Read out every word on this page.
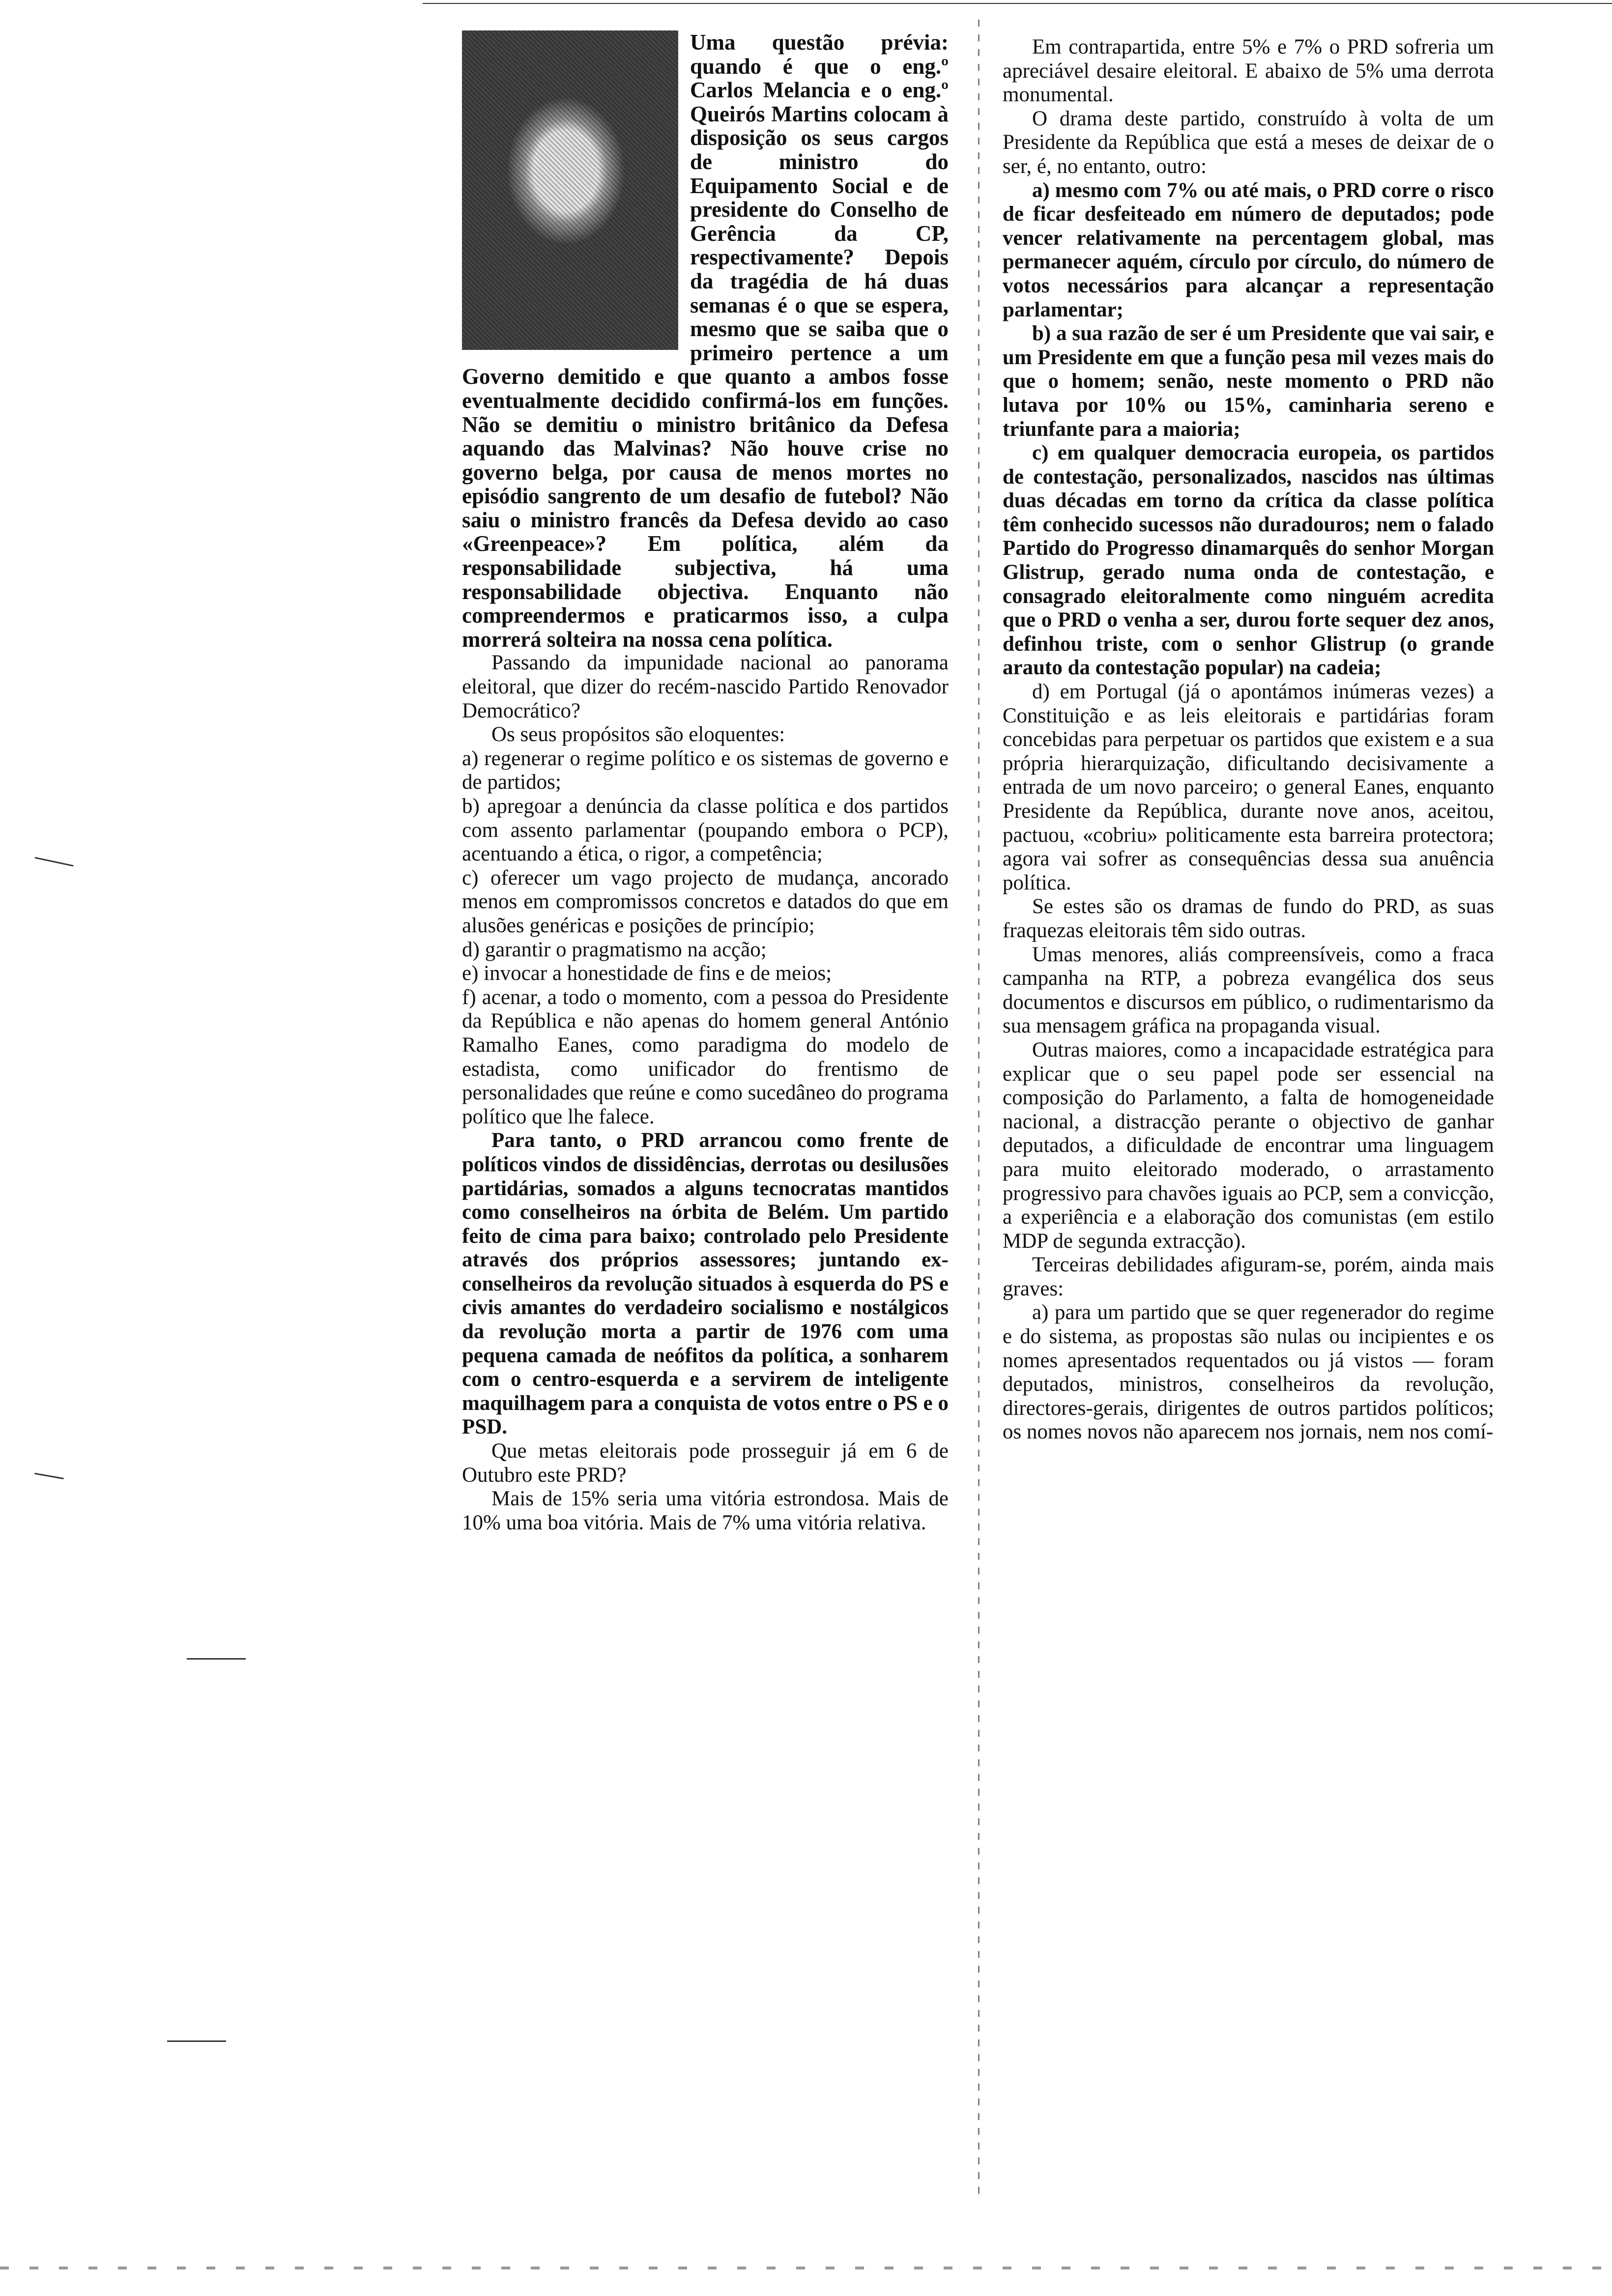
Uma questão prévia: quando é que o eng.º Carlos Melancia e o eng.º Queirós Martins colocam à disposição os seus cargos de ministro do Equipamento Social e de presidente do Conselho de Gerência da CP, respectivamente? Depois da tragédia de há duas semanas é o que se espera, mesmo que se saiba que o primeiro pertence a um Governo demitido e que quanto a ambos fosse eventualmente decidido confirmá-los em funções. Não se demitiu o ministro britânico da Defesa aquando das Malvinas? Não houve crise no governo belga, por causa de menos mortes no episódio sangrento de um desafio de futebol? Não saiu o ministro francês da Defesa devido ao caso «Greenpeace»? Em política, além da responsabilidade subjectiva, há uma responsabilidade objectiva. Enquanto não compreendermos e praticarmos isso, a culpa morrerá solteira na nossa cena política.

Passando da impunidade nacional ao panorama eleitoral, que dizer do recém-nascido Partido Renovador Democrático?

Os seus propósitos são eloquentes:

a) regenerar o regime político e os sistemas de governo e de partidos;

b) apregoar a denúncia da classe política e dos partidos com assento parlamentar (poupando embora o PCP), acentuando a ética, o rigor, a competência;

c) oferecer um vago projecto de mudança, ancorado menos em compromissos concretos e datados do que em alusões genéricas e posições de princípio;

d) garantir o pragmatismo na acção;

e) invocar a honestidade de fins e de meios;

f) acenar, a todo o momento, com a pessoa do Presidente da República e não apenas do homem general António Ramalho Eanes, como paradigma do modelo de estadista, como unificador do frentismo de personalidades que reúne e como sucedâneo do programa político que lhe falece.

Para tanto, o PRD arrancou como frente de políticos vindos de dissidências, derrotas ou desilusões partidárias, somados a alguns tecnocratas mantidos como conselheiros na órbita de Belém. Um partido feito de cima para baixo; controlado pelo Presidente através dos próprios assessores; juntando ex-conselheiros da revolução situados à esquerda do PS e civis amantes do verdadeiro socialismo e nostálgicos da revolução morta a partir de 1976 com uma pequena camada de neófitos da política, a sonharem com o centro-esquerda e a servirem de inteligente maquilhagem para a conquista de votos entre o PS e o PSD.

Que metas eleitorais pode prosseguir já em 6 de Outubro este PRD?

Mais de 15% seria uma vitória estrondosa. Mais de 10% uma boa vitória. Mais de 7% uma vitória relativa.

Em contrapartida, entre 5% e 7% o PRD sofreria um apreciável desaire eleitoral. E abaixo de 5% uma derrota monumental.

O drama deste partido, construído à volta de um Presidente da República que está a meses de deixar de o ser, é, no entanto, outro:

a) mesmo com 7% ou até mais, o PRD corre o risco de ficar desfeiteado em número de deputados; pode vencer relativamente na percentagem global, mas permanecer aquém, círculo por círculo, do número de votos necessários para alcançar a representação parlamentar;

b) a sua razão de ser é um Presidente que vai sair, e um Presidente em que a função pesa mil vezes mais do que o homem; senão, neste momento o PRD não lutava por 10% ou 15%, caminharia sereno e triunfante para a maioria;

c) em qualquer democracia europeia, os partidos de contestação, personalizados, nascidos nas últimas duas décadas em torno da crítica da classe política têm conhecido sucessos não duradouros; nem o falado Partido do Progresso dinamarquês do senhor Morgan Glistrup, gerado numa onda de contestação, e consagrado eleitoralmente como ninguém acredita que o PRD o venha a ser, durou forte sequer dez anos, definhou triste, com o senhor Glistrup (o grande arauto da contestação popular) na cadeia;

d) em Portugal (já o apontámos inúmeras vezes) a Constituição e as leis eleitorais e partidárias foram concebidas para perpetuar os partidos que existem e a sua própria hierarquização, dificultando decisivamente a entrada de um novo parceiro; o general Eanes, enquanto Presidente da República, durante nove anos, aceitou, pactuou, «cobriu» politicamente esta barreira protectora; agora vai sofrer as consequências dessa sua anuência política.

Se estes são os dramas de fundo do PRD, as suas fraquezas eleitorais têm sido outras.

Umas menores, aliás compreensíveis, como a fraca campanha na RTP, a pobreza evangélica dos seus documentos e discursos em público, o rudimentarismo da sua mensagem gráfica na propaganda visual.

Outras maiores, como a incapacidade estratégica para explicar que o seu papel pode ser essencial na composição do Parlamento, a falta de homogeneidade nacional, a distracção perante o objectivo de ganhar deputados, a dificuldade de encontrar uma linguagem para muito eleitorado moderado, o arrastamento progressivo para chavões iguais ao PCP, sem a convicção, a experiência e a elaboração dos comunistas (em estilo MDP de segunda extracção).

Terceiras debilidades afiguram-se, porém, ainda mais graves:

a) para um partido que se quer regenerador do regime e do sistema, as propostas são nulas ou incipientes e os nomes apresentados requentados ou já vistos — foram deputados, ministros, conselheiros da revolução, directores-gerais, dirigentes de outros partidos políticos; os nomes novos não aparecem nos jornais, nem nos comí-
